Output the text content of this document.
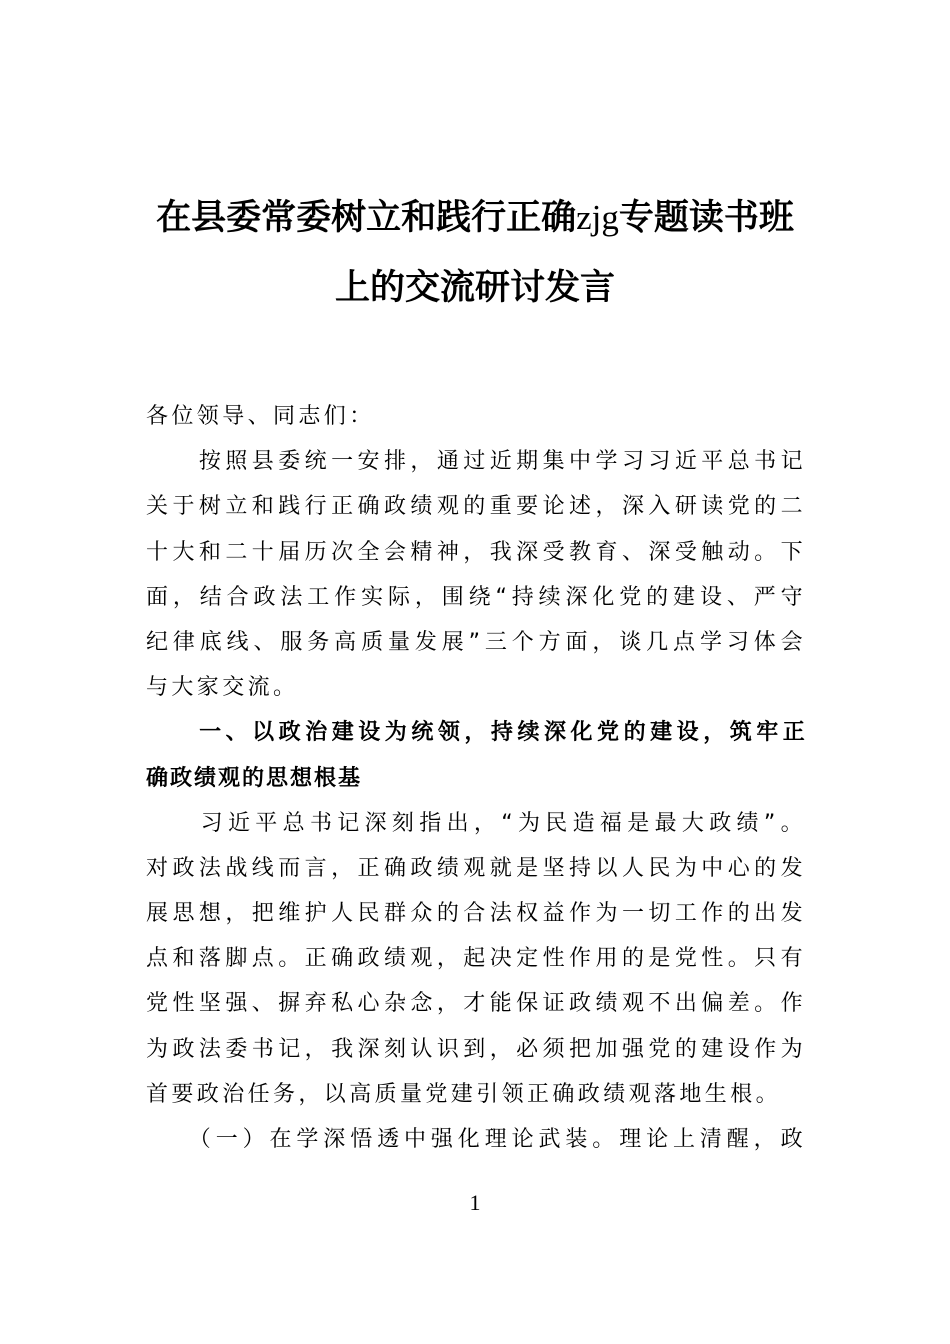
在县委常委树立和践行正确zjg专题读书班
上的交流研讨发言
各位领导、同志们：
　　按照县委统一安排，通过近期集中学习习近平总书记
关于树立和践行正确政绩观的重要论述，深入研读党的二
十大和二十届历次全会精神，我深受教育、深受触动。下
面，结合政法工作实际，围绕“持续深化党的建设、严守
纪律底线、服务高质量发展”三个方面，谈几点学习体会
与大家交流。
　　一、以政治建设为统领，持续深化党的建设，筑牢正
确政绩观的思想根基
　　习近平总书记深刻指出，“为民造福是最大政绩”。
对政法战线而言，正确政绩观就是坚持以人民为中心的发
展思想，把维护人民群众的合法权益作为一切工作的出发
点和落脚点。正确政绩观，起决定性作用的是党性。只有
党性坚强、摒弃私心杂念，才能保证政绩观不出偏差。作
为政法委书记，我深刻认识到，必须把加强党的建设作为
首要政治任务，以高质量党建引领正确政绩观落地生根。
　　（一）在学深悟透中强化理论武装。理论上清醒，政
1
